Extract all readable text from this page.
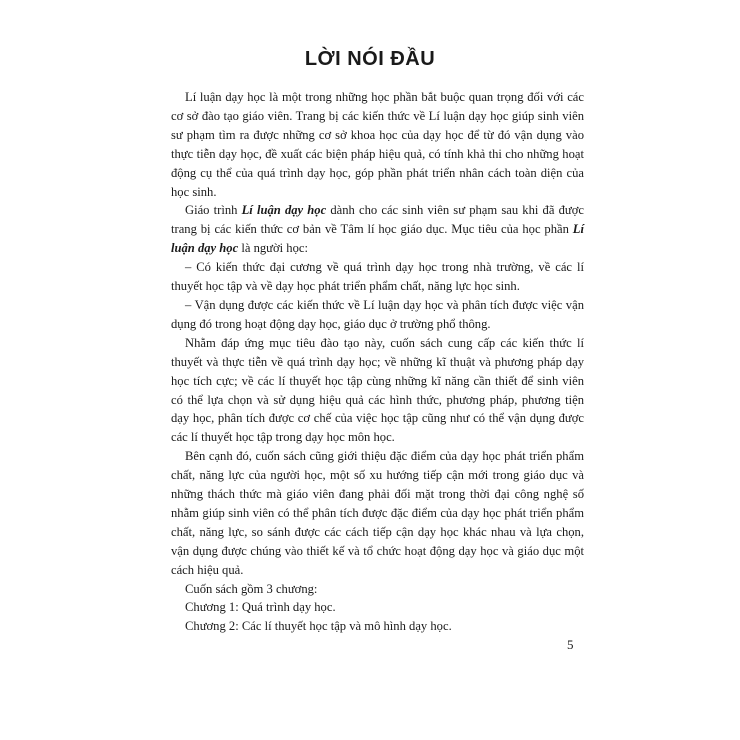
LỜI NÓI ĐẦU

Lí luận dạy học là một trong những học phần bắt buộc quan trọng đối với các cơ sở đào tạo giáo viên. Trang bị các kiến thức về Lí luận dạy học giúp sinh viên sư phạm tìm ra được những cơ sở khoa học của dạy học để từ đó vận dụng vào thực tiễn dạy học, đề xuất các biện pháp hiệu quả, có tính khả thi cho những hoạt động cụ thể của quá trình dạy học, góp phần phát triển nhân cách toàn diện của học sinh.

Giáo trình Lí luận dạy học dành cho các sinh viên sư phạm sau khi đã được trang bị các kiến thức cơ bản về Tâm lí học giáo dục. Mục tiêu của học phần Lí luận dạy học là người học:

– Có kiến thức đại cương về quá trình dạy học trong nhà trường, về các lí thuyết học tập và về dạy học phát triển phẩm chất, năng lực học sinh.

– Vận dụng được các kiến thức về Lí luận dạy học và phân tích được việc vận dụng đó trong hoạt động dạy học, giáo dục ở trường phổ thông.

Nhằm đáp ứng mục tiêu đào tạo này, cuốn sách cung cấp các kiến thức lí thuyết và thực tiễn về quá trình dạy học; về những kĩ thuật và phương pháp dạy học tích cực; về các lí thuyết học tập cùng những kĩ năng cần thiết để sinh viên có thể lựa chọn và sử dụng hiệu quả các hình thức, phương pháp, phương tiện dạy học, phân tích được cơ chế của việc học tập cũng như có thể vận dụng được các lí thuyết học tập trong dạy học môn học.

Bên cạnh đó, cuốn sách cũng giới thiệu đặc điểm của dạy học phát triển phẩm chất, năng lực của người học, một số xu hướng tiếp cận mới trong giáo dục và những thách thức mà giáo viên đang phải đối mặt trong thời đại công nghệ số nhằm giúp sinh viên có thể phân tích được đặc điểm của dạy học phát triển phẩm chất, năng lực, so sánh được các cách tiếp cận dạy học khác nhau và lựa chọn, vận dụng được chúng vào thiết kế và tổ chức hoạt động dạy học và giáo dục một cách hiệu quả.

Cuốn sách gồm 3 chương:

Chương 1: Quá trình dạy học.

Chương 2: Các lí thuyết học tập và mô hình dạy học.

5
